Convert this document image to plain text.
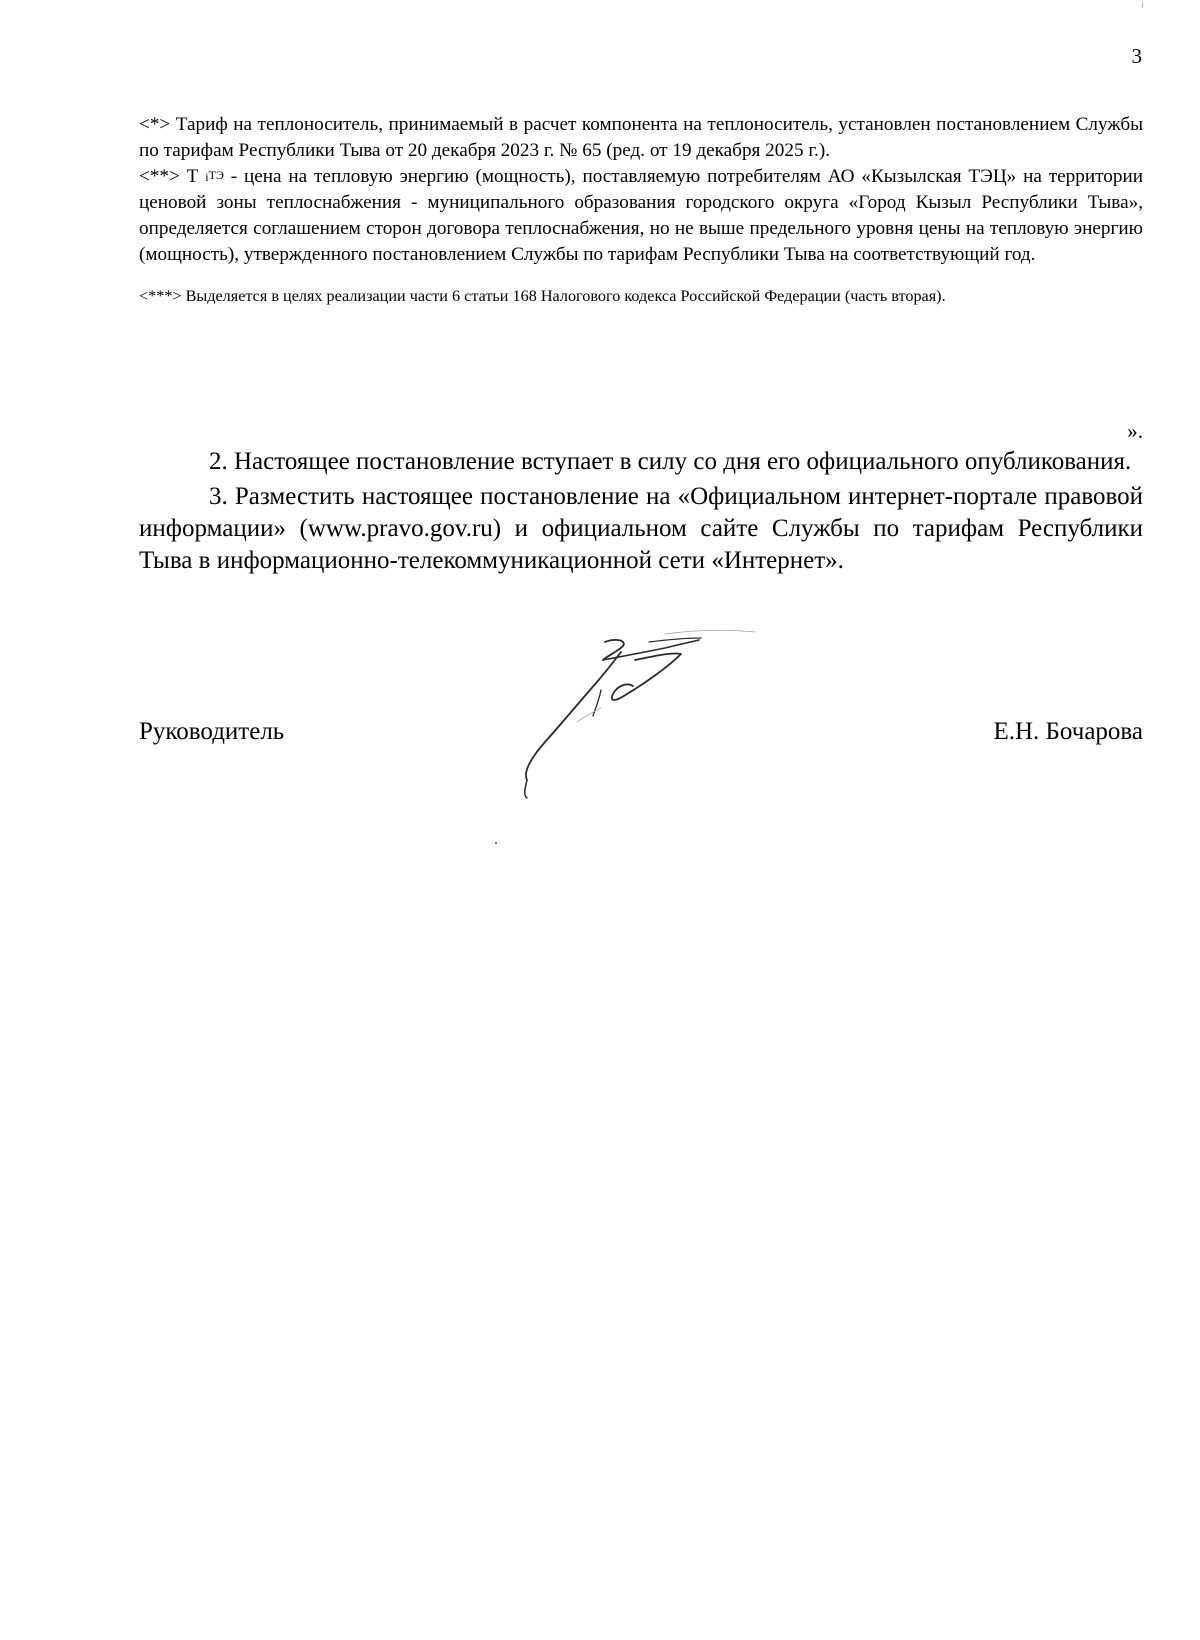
3

<*> Тариф на теплоноситель, принимаемый в расчет компонента на теплоноситель, установлен постановлением Службы по тарифам Республики Тыва от 20 декабря 2023 г. № 65 (ред. от 19 декабря 2025 г.).

<**> Т $i^{ТЭ}$ - цена на тепловую энергию (мощность), поставляемую потребителям АО «Кызылская ТЭЦ» на территории ценовой зоны теплоснабжения - муниципального образования городского округа «Город Кызыл Республики Тыва», определяется соглашением сторон договора теплоснабжения, но не выше предельного уровня цены на тепловую энергию (мощность), утвержденного постановлением Службы по тарифам Республики Тыва на соответствующий год.

<***> Выделяется в целях реализации части 6 статьи 168 Налогового кодекса Российской Федерации (часть вторая).

».

2. Настоящее постановление вступает в силу со дня его официального опубликования.

3. Разместить настоящее постановление на «Официальном интернет-портале правовой информации» (www.pravo.gov.ru) и официальном сайте Службы по тарифам Республики Тыва в информационно-телекоммуникационной сети «Интернет».

Руководитель	Е.Н. Бочарова
